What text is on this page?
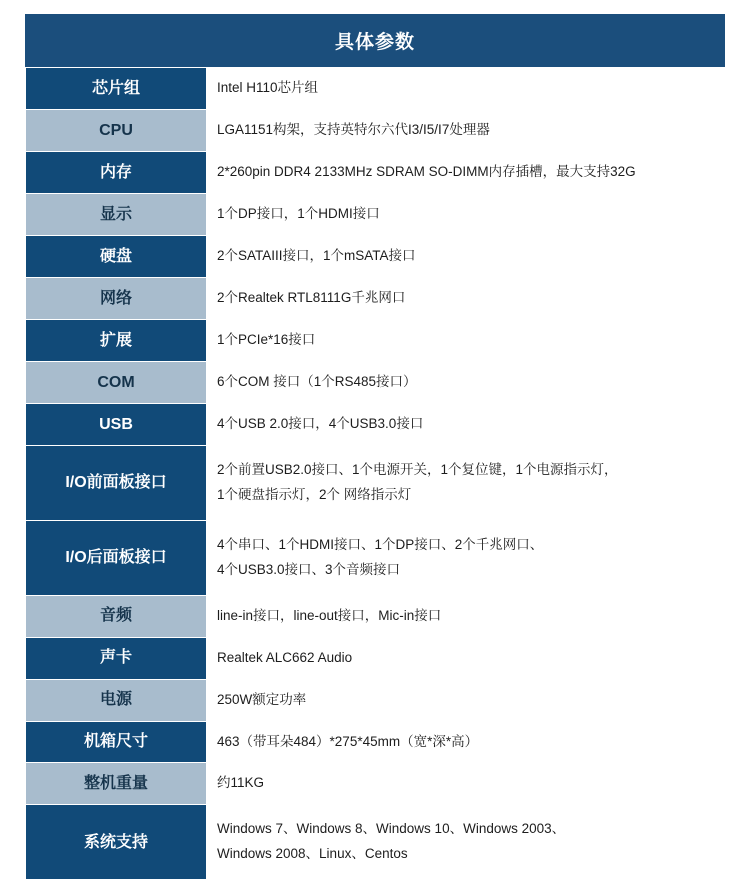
具体参数
芯片组	Intel H110芯片组

CPU	LGA1151构架，支持英特尔六代I3/I5/I7处理器

内存	2*260pin DDR4 2133MHz SDRAM SO-DIMM内存插槽，最大支持32G

显示	1个DP接口，1个HDMI接口

硬盘	2个SATAIII接口，1个mSATA接口

网络	2个Realtek RTL8111G千兆网口

扩展	1个PCIe*16接口

COM	6个COM 接口（1个RS485接口）

USB	4个USB 2.0接口，4个USB3.0接口

I/O前面板接口	2个前置USB2.0接口、1个电源开关，1个复位键，1个电源指示灯，
1个硬盘指示灯，2个 网络指示灯

I/O后面板接口	4个串口、1个HDMI接口、1个DP接口、2个千兆网口、
4个USB3.0接口、3个音频接口

音频	line-in接口，line-out接口，Mic-in接口

声卡	Realtek ALC662 Audio

电源	250W额定功率

机箱尺寸	463（带耳朵484）*275*45mm（宽*深*高）

整机重量	约11KG

系统支持	Windows 7、Windows 8、Windows 10、Windows 2003、
Windows 2008、Linux、Centos
